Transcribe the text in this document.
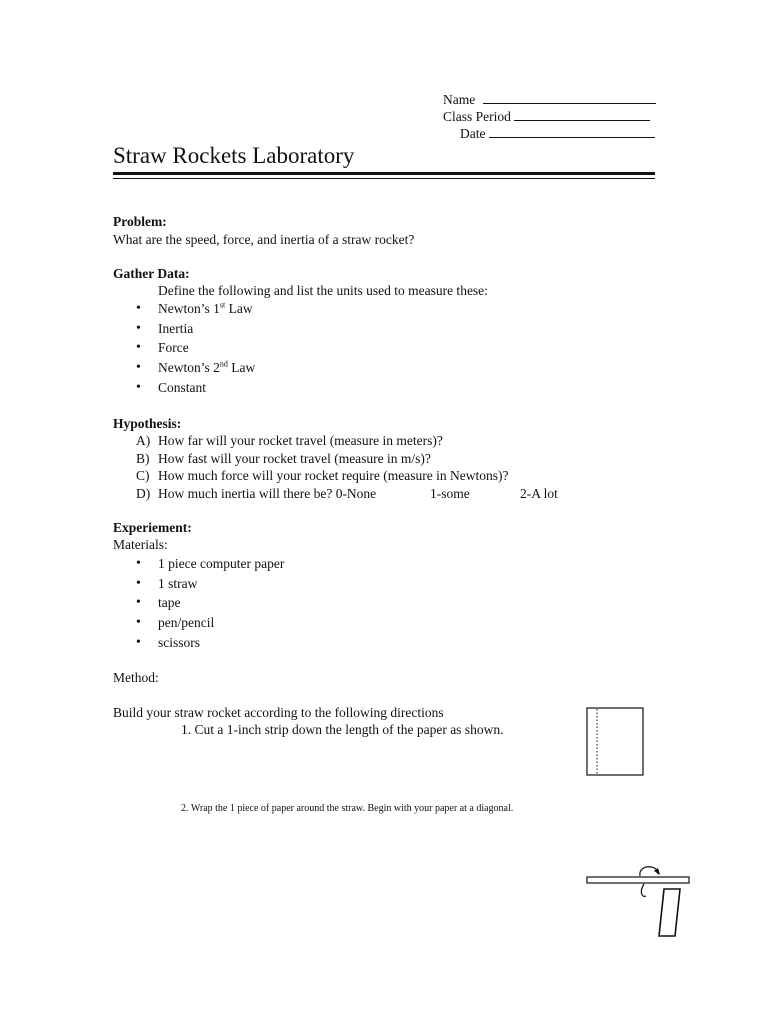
Name
Class Period
Date
Straw Rockets Laboratory
Problem:
What are the speed, force, and inertia of a straw rocket?
Gather Data:
Define the following and list the units used to measure these:
• Newton’s 1st Law
• Inertia
• Force
• Newton’s 2nd Law
• Constant
Hypothesis:
A) How far will your rocket travel (measure in meters)?
B) How fast will your rocket travel (measure in m/s)?
C) How much force will your rocket require (measure in Newtons)?
D) How much inertia will there be? 0-None	1-some	2-A lot
Experiement:
Materials:
• 1 piece computer paper
• 1 straw
• tape
• pen/pencil
• scissors
Method:
Build your straw rocket according to the following directions
1. Cut a 1-inch strip down the length of the paper as shown.
2. Wrap the 1 piece of paper around the straw. Begin with your paper at a diagonal.
